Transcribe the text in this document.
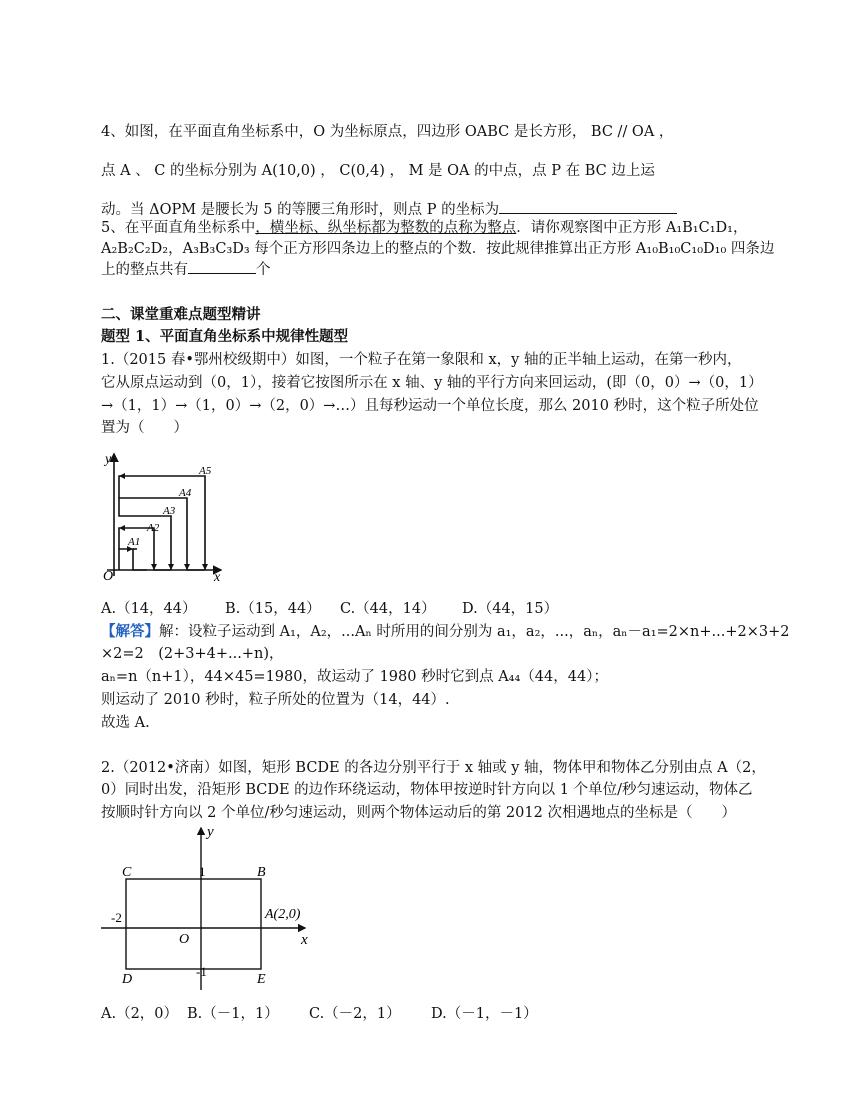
4、如图，在平面直角坐标系中，O 为坐标原点，四边形 OABC 是长方形， BC // OA ，
点 A 、 C 的坐标分别为 A(10,0) ， C(0,4) ， M 是 OA 的中点，点 P 在 BC 边上运
动。当 ΔOPM 是腰长为 5 的等腰三角形时，则点 P 的坐标为
5、在平面直角坐标系中，横坐标、纵坐标都为整数的点称为整点．请你观察图中正方形 A₁B₁C₁D₁，
A₂B₂C₂D₂，A₃B₃C₃D₃ 每个正方形四条边上的整点的个数．按此规律推算出正方形 A₁₀B₁₀C₁₀D₁₀ 四条边
上的整点共有	个
二、课堂重难点题型精讲
题型 1、平面直角坐标系中规律性题型
1.（2015 春•鄂州校级期中）如图，一个粒子在第一象限和 x，y 轴的正半轴上运动，在第一秒内，
它从原点运动到（0，1），接着它按图所示在 x 轴、y 轴的平行方向来回运动，(即（0，0）→（0，1）
→（1，1）→（1，0）→（2，0）→…）且每秒运动一个单位长度，那么 2010 秒时，这个粒子所处位
置为（　　）
y
x
O
A1
A2
A3
A4
A5
A.（14，44） B.（15，44） C.（44，14） D.（44，15）
【解答】解：设粒子运动到 A₁，A₂，...Aₙ 时所用的间分别为 a₁，a₂，...，aₙ，aₙ－a₁=2×n+...+2×3+2
×2=2　(2+3+4+...+n)，
aₙ=n（n+1），44×45=1980，故运动了 1980 秒时它到点 A₄₄（44，44）；
则运动了 2010 秒时，粒子所处的位置为（14，44）.
故选 A.
2.（2012•济南）如图，矩形 BCDE 的各边分别平行于 x 轴或 y 轴，物体甲和物体乙分别由点 A（2，
0）同时出发，沿矩形 BCDE 的边作环绕运动，物体甲按逆时针方向以 1 个单位/秒匀速运动，物体乙
按顺时针方向以 2 个单位/秒匀速运动，则两个物体运动后的第 2012 次相遇地点的坐标是（　　）
y
x
O
C	B
D	E
A(2,0)
1
-2
-1
A.（2，0） B.（－1，1） C.（－2，1） D.（－1，－1）
